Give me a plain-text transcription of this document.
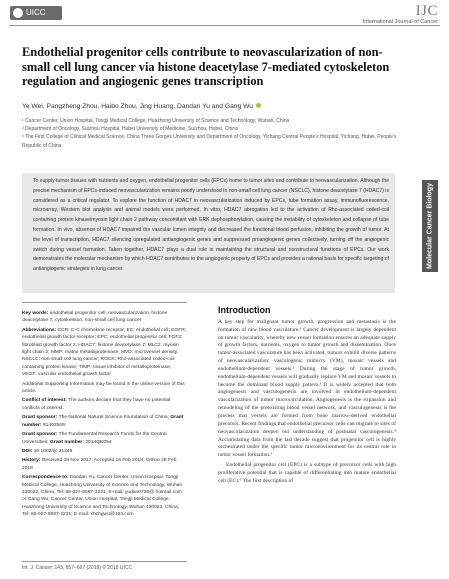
UICC	IJC
International Journal of Cancer
Endothelial progenitor cells contribute to neovascularization of non-small cell lung cancer via histone deacetylase 7-mediated cytoskeleton regulation and angiogenic genes transcription
Ye Wei, Pangzheng Zhou, Haibo Zhou, Jing Huang, Dandan Yu and Gang Wu
¹ Cancer Center, Union Hospital, Tongji Medical College, Huazhong University of Science and Technology, Wuhan, China
² Department of Oncology, Suizhou Hospital, Hubei University of Medicine, Suizhou, Hubei, China
³ The First College of Clinical Medical Science, China Three Gorges University and Department of Oncology, Yichang Central People's Hospital, Yichang, Hubei, People's Republic of China
To supply tumor tissues with nutrients and oxygen, endothelial progenitor cells (EPCs) home to tumor sites and contribute to neovascularization. Although the precise mechanism of EPCs-induced neovascularization remains poorly understood in non-small cell lung cancer (NSCLC), histone deacetylase 7 (HDAC7) is considered as a critical regulator. To explore the function of HDAC7 in neovascularization induced by EPCs, tube formation assay, immunofluorescence, microarray, Western blot analysis and animal models were performed. In vitro, HDAC7 abrogation led to the activation of Rho-associated coiled-coil containing protein kinase/myosin light chain 2 pathway concomitant with ERK dephosphorylation, causing the instability of cytoskeleton and collapse of tube formation. In vivo, absence of HDAC7 impaired the vascular lumen integrity and decreased the functional blood perfusion, inhibiting the growth of tumor. At the level of transcription, HDAC7 silencing upregulated antiangiogenic genes and suppressed proangiogenic genes collectively, turning off the angiogenic switch during vessel formation. Taken together, HDAC7 plays a dual role in maintaining the structural and nonstructural functions of EPCs. Our work demonstrates the molecular mechanism by which HDAC7 contributes to the angiogenic property of EPCs and provides a rational basis for specific targeting of antiangiogenic strategies in lung cancer.
Molecular Cancer Biology

Key words: endothelial progenitor cell, neovascularization, histone deacetylase 7, cytoskeleton, non-small cell lung cancer

Abbreviations: CCR: C-C chemokine receptor; EC: endothelial cell; EGFR: endothelial growth factor receptor; EPC: endothelial progenitor cell; FGF2: fibroblast growth factor 2; HDAC7: histone deacetylase 7; MLC2: myosin light chain 2; MMP: matrix metalloproteinase; MVD: microvessel density; NSCLC: non-small cell lung cancer; ROCK: Rho-associated coiled-coil containing protein kinase; TIMP: tissue inhibitor of metalloproteinase; VEGF: vascular endothelial growth factor

Additional Supporting Information may be found in the online version of this article.

Conflict of interest: The authors declare that they have no potential conflicts of interest.

Grant sponsor: The National Natural Science Foundation of China; Grant number: 81402569;

Grant sponsor: The Fundamental Research Funds for the Central Universities; Grant number: 2014QN054

DOI: 10.1002/ijc.31349

History: Received 18 Nov 2017; Accepted 15 Feb 2018; Online 28 Feb 2018

Correspondence to: Dandan Yu, Cancer Center, Union Hospital, Tongji Medical College, Huazhong University of Science and Technology, Wuhan 430022, China, Tel: 86-027-8587-3231; E-mail: yudan0728@ hotmail.com or Gang Wu, Cancer Center, Union Hospital, Tongji Medical College, Huazhong University of Science and Technology, Wuhan 430022, China, Tel: 86-027-8587-3231; E-mail: xhzhgwu@163.com

Introduction

A key step for malignant tumor growth, progression and metastasis is the formation of new blood vasculature.¹ Cancer development is largely dependent on tumor vascularity, whereby new vessel formation ensures an adequate supply of growth factors, nutrients, oxygen to tumor growth and dissemination. Once tumor-associated vasculature has been activated, tumors exhibit diverse patterns of neovascularization: vasculogenic mimicry (VM), mosaic vessels and endothelium-dependent vessels.² During the stage of tumor growth, endothelium-dependent vessels will gradually replace VM and mosaic vessels to become the dominant blood supply pattern.³ It is widely accepted that both angiogenesis and vasculogenesis are involved in endothelium-dependent vascularization of tumor microcirculation. Angiogenesis is the expansion and remodeling of the preexisting blood vessel network, and vasculogenesis is the process that vessels are formed from bone marrow-derived endothelial precursor. Recent findings that endothelial precursor cells can migrate to sites of neovascularization deepen our understanding of postnatal vasculogenesis.⁴ Accumulating data from the last decade suggest that progenitor cell is highly orchestrated under the specific tumor microenvironment for its central role in tumor vessel formation.⁵

Endothelial progenitor cell (EPC) is a subtype of precursor cells with high proliferative potential that is capable of differentiating into mature endothelial cell (EC).⁶ The first description of

Int. J. Cancer: 143, 657–667 (2018) © 2018 UICC
